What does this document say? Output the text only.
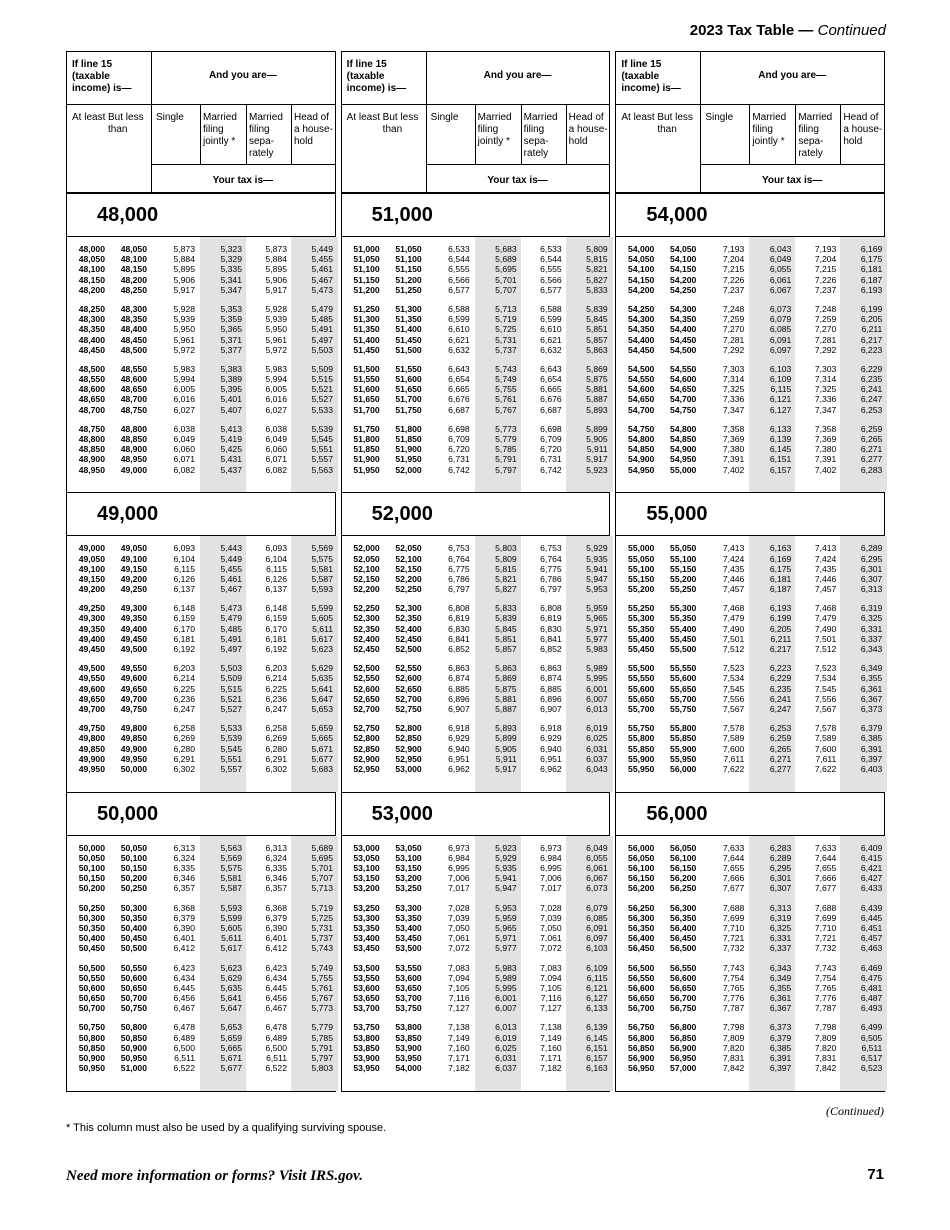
2023 Tax Table — Continued
If line 15 (taxable income) is—
And you are—
At least But less than
Single	Married filing jointly *
Married filing sepa-rately
Head of a house-hold
Your tax is—
48,000
48,000	48,050	5,873	5,323	5,873	5,449
48,050	48,100	5,884	5,329	5,884	5,455
48,100	48,150	5,895	5,335	5,895	5,461
48,150	48,200	5,906	5,341	5,906	5,467
48,200	48,250	5,917	5,347	5,917	5,473
48,250	48,300	5,928	5,353	5,928	5,479
48,300	48,350	5,939	5,359	5,939	5,485
48,350	48,400	5,950	5,365	5,950	5,491
48,400	48,450	5,961	5,371	5,961	5,497
48,450	48,500	5,972	5,377	5,972	5,503
48,500	48,550	5,983	5,383	5,983	5,509
48,550	48,600	5,994	5,389	5,994	5,515
48,600	48,650	6,005	5,395	6,005	5,521
48,650	48,700	6,016	5,401	6,016	5,527
48,700	48,750	6,027	5,407	6,027	5,533
48,750	48,800	6,038	5,413	6,038	5,539
48,800	48,850	6,049	5,419	6,049	5,545
48,850	48,900	6,060	5,425	6,060	5,551
48,900	48,950	6,071	5,431	6,071	5,557
48,950	49,000	6,082	5,437	6,082	5,563
49,000
49,000	49,050	6,093	5,443	6,093	5,569
49,050	49,100	6,104	5,449	6,104	5,575
49,100	49,150	6,115	5,455	6,115	5,581
49,150	49,200	6,126	5,461	6,126	5,587
49,200	49,250	6,137	5,467	6,137	5,593
49,250	49,300	6,148	5,473	6,148	5,599
49,300	49,350	6,159	5,479	6,159	5,605
49,350	49,400	6,170	5,485	6,170	5,611
49,400	49,450	6,181	5,491	6,181	5,617
49,450	49,500	6,192	5,497	6,192	5,623
49,500	49,550	6,203	5,503	6,203	5,629
49,550	49,600	6,214	5,509	6,214	5,635
49,600	49,650	6,225	5,515	6,225	5,641
49,650	49,700	6,236	5,521	6,236	5,647
49,700	49,750	6,247	5,527	6,247	5,653
49,750	49,800	6,258	5,533	6,258	5,659
49,800	49,850	6,269	5,539	6,269	5,665
49,850	49,900	6,280	5,545	6,280	5,671
49,900	49,950	6,291	5,551	6,291	5,677
49,950	50,000	6,302	5,557	6,302	5,683
50,000
50,000	50,050	6,313	5,563	6,313	5,689
50,050	50,100	6,324	5,569	6,324	5,695
50,100	50,150	6,335	5,575	6,335	5,701
50,150	50,200	6,346	5,581	6,346	5,707
50,200	50,250	6,357	5,587	6,357	5,713
50,250	50,300	6,368	5,593	6,368	5,719
50,300	50,350	6,379	5,599	6,379	5,725
50,350	50,400	6,390	5,605	6,390	5,731
50,400	50,450	6,401	5,611	6,401	5,737
50,450	50,500	6,412	5,617	6,412	5,743
50,500	50,550	6,423	5,623	6,423	5,749
50,550	50,600	6,434	5,629	6,434	5,755
50,600	50,650	6,445	5,635	6,445	5,761
50,650	50,700	6,456	5,641	6,456	5,767
50,700	50,750	6,467	5,647	6,467	5,773
50,750	50,800	6,478	5,653	6,478	5,779
50,800	50,850	6,489	5,659	6,489	5,785
50,850	50,900	6,500	5,665	6,500	5,791
50,900	50,950	6,511	5,671	6,511	5,797
50,950	51,000	6,522	5,677	6,522	5,803
If line 15 (taxable income) is—
And you are—
At least But less than
Single	Married filing jointly *
Married filing sepa-rately
Head of a house-hold
Your tax is—
51,000
51,000	51,050	6,533	5,683	6,533	5,809
51,050	51,100	6,544	5,689	6,544	5,815
51,100	51,150	6,555	5,695	6,555	5,821
51,150	51,200	6,566	5,701	6,566	5,827
51,200	51,250	6,577	5,707	6,577	5,833
51,250	51,300	6,588	5,713	6,588	5,839
51,300	51,350	6,599	5,719	6,599	5,845
51,350	51,400	6,610	5,725	6,610	5,851
51,400	51,450	6,621	5,731	6,621	5,857
51,450	51,500	6,632	5,737	6,632	5,863
51,500	51,550	6,643	5,743	6,643	5,869
51,550	51,600	6,654	5,749	6,654	5,875
51,600	51,650	6,665	5,755	6,665	5,881
51,650	51,700	6,676	5,761	6,676	5,887
51,700	51,750	6,687	5,767	6,687	5,893
51,750	51,800	6,698	5,773	6,698	5,899
51,800	51,850	6,709	5,779	6,709	5,905
51,850	51,900	6,720	5,785	6,720	5,911
51,900	51,950	6,731	5,791	6,731	5,917
51,950	52,000	6,742	5,797	6,742	5,923
52,000
52,000	52,050	6,753	5,803	6,753	5,929
52,050	52,100	6,764	5,809	6,764	5,935
52,100	52,150	6,775	5,815	6,775	5,941
52,150	52,200	6,786	5,821	6,786	5,947
52,200	52,250	6,797	5,827	6,797	5,953
52,250	52,300	6,808	5,833	6,808	5,959
52,300	52,350	6,819	5,839	6,819	5,965
52,350	52,400	6,830	5,845	6,830	5,971
52,400	52,450	6,841	5,851	6,841	5,977
52,450	52,500	6,852	5,857	6,852	5,983
52,500	52,550	6,863	5,863	6,863	5,989
52,550	52,600	6,874	5,869	6,874	5,995
52,600	52,650	6,885	5,875	6,885	6,001
52,650	52,700	6,896	5,881	6,896	6,007
52,700	52,750	6,907	5,887	6,907	6,013
52,750	52,800	6,918	5,893	6,918	6,019
52,800	52,850	6,929	5,899	6,929	6,025
52,850	52,900	6,940	5,905	6,940	6,031
52,900	52,950	6,951	5,911	6,951	6,037
52,950	53,000	6,962	5,917	6,962	6,043
53,000
53,000	53,050	6,973	5,923	6,973	6,049
53,050	53,100	6,984	5,929	6,984	6,055
53,100	53,150	6,995	5,935	6,995	6,061
53,150	53,200	7,006	5,941	7,006	6,067
53,200	53,250	7,017	5,947	7,017	6,073
53,250	53,300	7,028	5,953	7,028	6,079
53,300	53,350	7,039	5,959	7,039	6,085
53,350	53,400	7,050	5,965	7,050	6,091
53,400	53,450	7,061	5,971	7,061	6,097
53,450	53,500	7,072	5,977	7,072	6,103
53,500	53,550	7,083	5,983	7,083	6,109
53,550	53,600	7,094	5,989	7,094	6,115
53,600	53,650	7,105	5,995	7,105	6,121
53,650	53,700	7,116	6,001	7,116	6,127
53,700	53,750	7,127	6,007	7,127	6,133
53,750	53,800	7,138	6,013	7,138	6,139
53,800	53,850	7,149	6,019	7,149	6,145
53,850	53,900	7,160	6,025	7,160	6,151
53,900	53,950	7,171	6,031	7,171	6,157
53,950	54,000	7,182	6,037	7,182	6,163
If line 15 (taxable income) is—
And you are—
At least But less than
Single	Married filing jointly *
Married filing sepa-rately
Head of a house-hold
Your tax is—
54,000
54,000	54,050	7,193	6,043	7,193	6,169
54,050	54,100	7,204	6,049	7,204	6,175
54,100	54,150	7,215	6,055	7,215	6,181
54,150	54,200	7,226	6,061	7,226	6,187
54,200	54,250	7,237	6,067	7,237	6,193
54,250	54,300	7,248	6,073	7,248	6,199
54,300	54,350	7,259	6,079	7,259	6,205
54,350	54,400	7,270	6,085	7,270	6,211
54,400	54,450	7,281	6,091	7,281	6,217
54,450	54,500	7,292	6,097	7,292	6,223
54,500	54,550	7,303	6,103	7,303	6,229
54,550	54,600	7,314	6,109	7,314	6,235
54,600	54,650	7,325	6,115	7,325	6,241
54,650	54,700	7,336	6,121	7,336	6,247
54,700	54,750	7,347	6,127	7,347	6,253
54,750	54,800	7,358	6,133	7,358	6,259
54,800	54,850	7,369	6,139	7,369	6,265
54,850	54,900	7,380	6,145	7,380	6,271
54,900	54,950	7,391	6,151	7,391	6,277
54,950	55,000	7,402	6,157	7,402	6,283
55,000
55,000	55,050	7,413	6,163	7,413	6,289
55,050	55,100	7,424	6,169	7,424	6,295
55,100	55,150	7,435	6,175	7,435	6,301
55,150	55,200	7,446	6,181	7,446	6,307
55,200	55,250	7,457	6,187	7,457	6,313
55,250	55,300	7,468	6,193	7,468	6,319
55,300	55,350	7,479	6,199	7,479	6,325
55,350	55,400	7,490	6,205	7,490	6,331
55,400	55,450	7,501	6,211	7,501	6,337
55,450	55,500	7,512	6,217	7,512	6,343
55,500	55,550	7,523	6,223	7,523	6,349
55,550	55,600	7,534	6,229	7,534	6,355
55,600	55,650	7,545	6,235	7,545	6,361
55,650	55,700	7,556	6,241	7,556	6,367
55,700	55,750	7,567	6,247	7,567	6,373
55,750	55,800	7,578	6,253	7,578	6,379
55,800	55,850	7,589	6,259	7,589	6,385
55,850	55,900	7,600	6,265	7,600	6,391
55,900	55,950	7,611	6,271	7,611	6,397
55,950	56,000	7,622	6,277	7,622	6,403
56,000
56,000	56,050	7,633	6,283	7,633	6,409
56,050	56,100	7,644	6,289	7,644	6,415
56,100	56,150	7,655	6,295	7,655	6,421
56,150	56,200	7,666	6,301	7,666	6,427
56,200	56,250	7,677	6,307	7,677	6,433
56,250	56,300	7,688	6,313	7,688	6,439
56,300	56,350	7,699	6,319	7,699	6,445
56,350	56,400	7,710	6,325	7,710	6,451
56,400	56,450	7,721	6,331	7,721	6,457
56,450	56,500	7,732	6,337	7,732	6,463
56,500	56,550	7,743	6,343	7,743	6,469
56,550	56,600	7,754	6,349	7,754	6,475
56,600	56,650	7,765	6,355	7,765	6,481
56,650	56,700	7,776	6,361	7,776	6,487
56,700	56,750	7,787	6,367	7,787	6,493
56,750	56,800	7,798	6,373	7,798	6,499
56,800	56,850	7,809	6,379	7,809	6,505
56,850	56,900	7,820	6,385	7,820	6,511
56,900	56,950	7,831	6,391	7,831	6,517
56,950	57,000	7,842	6,397	7,842	6,523
(Continued)
* This column must also be used by a qualifying surviving spouse.
Need more information or forms? Visit IRS.gov.	71
